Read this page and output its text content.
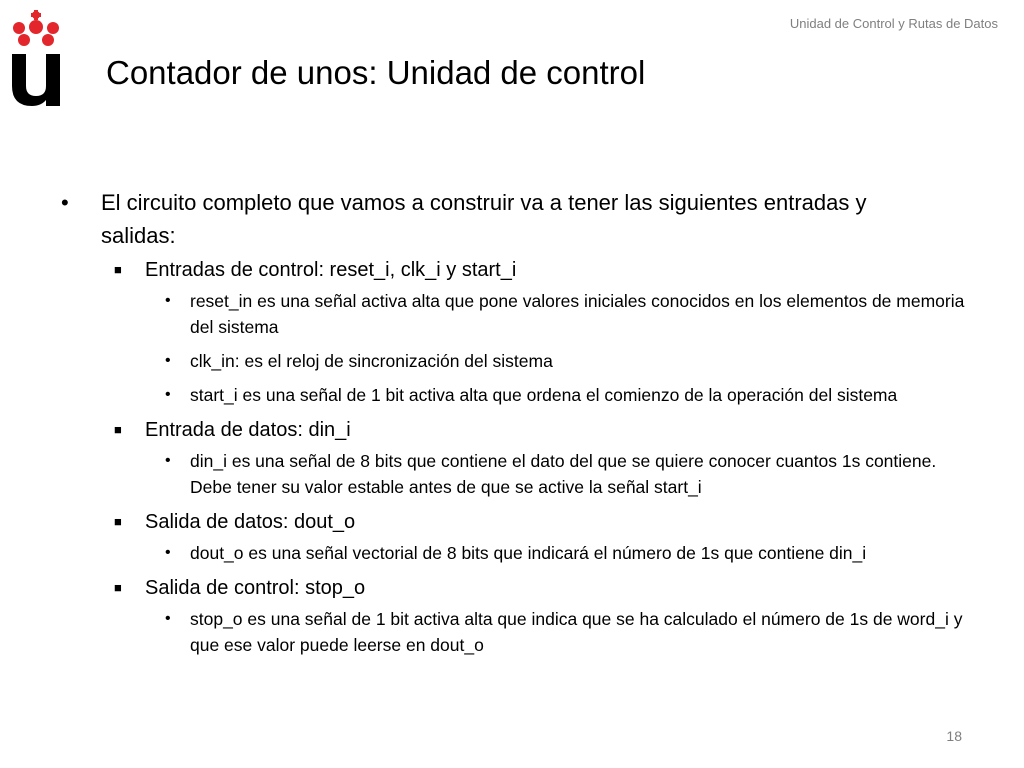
Unidad de Control y Rutas de Datos
Contador de unos: Unidad de control
• El circuito completo que vamos a construir va a tener las siguientes entradas y salidas:
■ Entradas de control: reset_i, clk_i y start_i
• reset_in es una señal activa alta que pone valores iniciales conocidos en los elementos de memoria del sistema
• clk_in: es el reloj de sincronización del sistema
• start_i es una señal de 1 bit activa alta que ordena el comienzo de la operación del sistema
■ Entrada de datos: din_i
• din_i es una señal de 8 bits que contiene el dato del que se quiere conocer cuantos 1s contiene. Debe tener su valor estable antes de que se active la señal start_i
■ Salida de datos: dout_o
• dout_o es una señal vectorial de 8 bits que indicará el número de 1s que contiene din_i
■ Salida de control: stop_o
• stop_o es una señal de 1 bit activa alta que indica que se ha calculado el número de 1s de word_i y que ese valor puede leerse en dout_o
18
